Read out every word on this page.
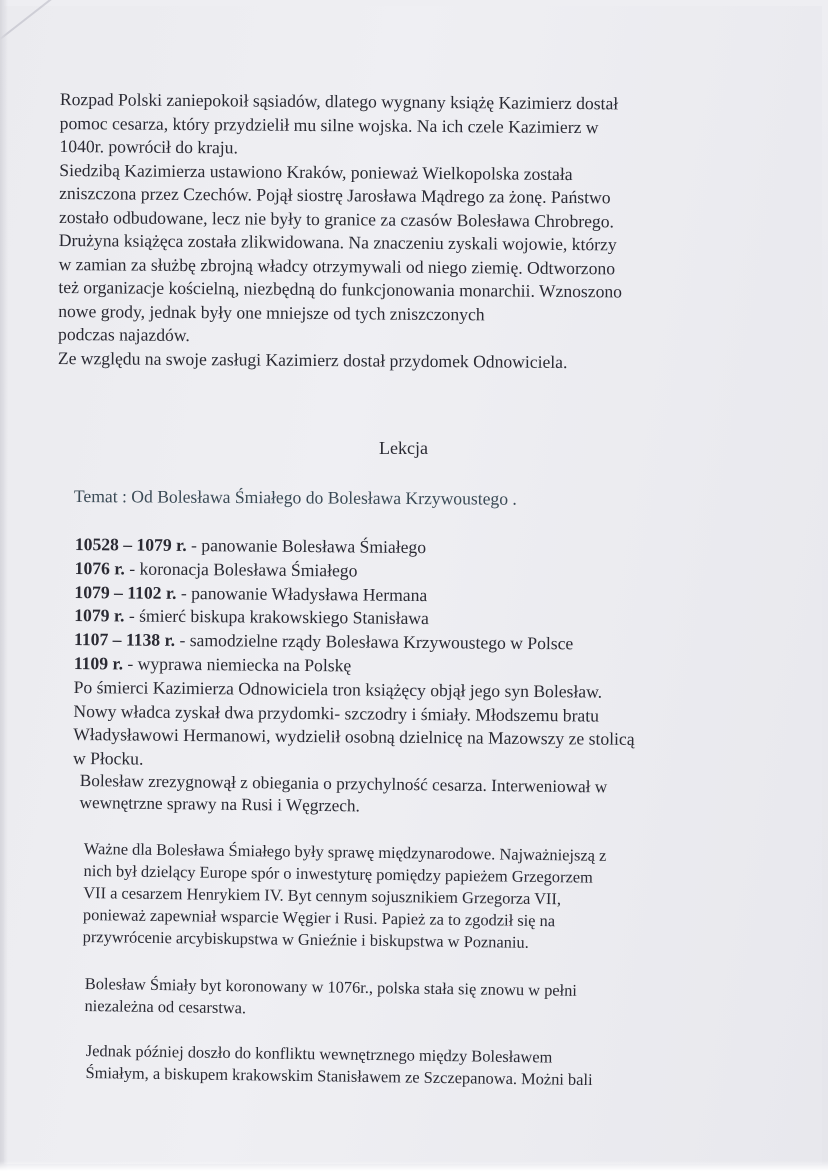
Rozpad Polski zaniepokoił sąsiadów, dlatego wygnany książę Kazimierz dostał
pomoc cesarza, który przydzielił mu silne wojska. Na ich czele Kazimierz w
1040r. powrócił do kraju.
Siedzibą Kazimierza ustawiono Kraków, ponieważ Wielkopolska została
zniszczona przez Czechów. Pojął siostrę Jarosława Mądrego za żonę. Państwo
zostało odbudowane, lecz nie były to granice za czasów Bolesława Chrobrego.
Drużyna książęca została zlikwidowana. Na znaczeniu zyskali wojowie, którzy
w zamian za służbę zbrojną władcy otrzymywali od niego ziemię. Odtworzono
też organizacje kościelną, niezbędną do funkcjonowania monarchii. Wznoszono
nowe grody, jednak były one mniejsze od tych zniszczonych
podczas najazdów.
Ze względu na swoje zasługi Kazimierz dostał przydomek Odnowiciela.
Lekcja
Temat : Od Bolesława Śmiałego do Bolesława Krzywoustego .
10528 – 1079 r. - panowanie Bolesława Śmiałego
1076 r. - koronacja Bolesława Śmiałego
1079 – 1102 r. - panowanie Władysława Hermana
1079 r. - śmierć biskupa krakowskiego Stanisława
1107 – 1138 r. - samodzielne rządy Bolesława Krzywoustego w Polsce
1109 r. - wyprawa niemiecka na Polskę
Po śmierci Kazimierza Odnowiciela tron książęcy objął jego syn Bolesław.
Nowy władca zyskał dwa przydomki- szczodry i śmiały. Młodszemu bratu
Władysławowi Hermanowi, wydzielił osobną dzielnicę na Mazowszy ze stolicą
w Płocku.
Bolesław zrezygnowął z obiegania o przychylność cesarza. Interweniował w
wewnętrzne sprawy na Rusi i Węgrzech.
Ważne dla Bolesława Śmiałego były sprawę międzynarodowe. Najważniejszą z
nich był dzielący Europe spór o inwestyturę pomiędzy papieżem Grzegorzem
VII a cesarzem Henrykiem IV. Byt cennym sojusznikiem Grzegorza VII,
ponieważ zapewniał wsparcie Węgier i Rusi. Papież za to zgodził się na
przywrócenie arcybiskupstwa w Gnieźnie i biskupstwa w Poznaniu.
Bolesław Śmiały byt koronowany w 1076r., polska stała się znowu w pełni
niezależna od cesarstwa.
Jednak później doszło do konfliktu wewnętrznego między Bolesławem
Śmiałym, a biskupem krakowskim Stanisławem ze Szczepanowa. Możni bali
